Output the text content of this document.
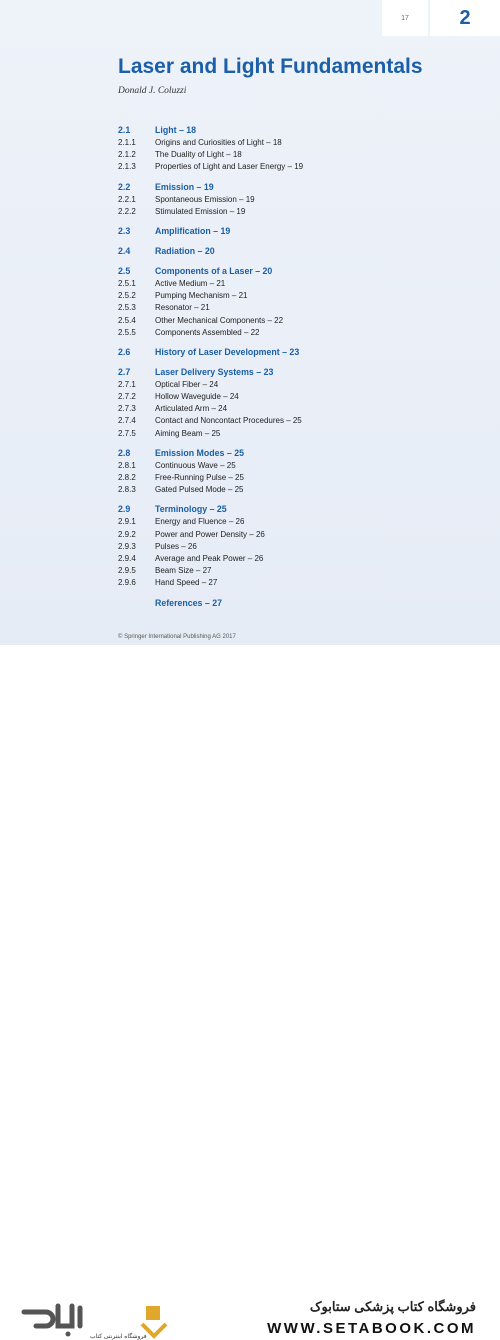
17	2
Laser and Light Fundamentals
Donald J. Coluzzi
2.1	Light – 18
2.1.1	Origins and Curiosities of Light – 18
2.1.2	The Duality of Light – 18
2.1.3	Properties of Light and Laser Energy – 19
2.2	Emission – 19
2.2.1	Spontaneous Emission – 19
2.2.2	Stimulated Emission – 19
2.3	Amplification – 19
2.4	Radiation – 20
2.5	Components of a Laser – 20
2.5.1	Active Medium – 21
2.5.2	Pumping Mechanism – 21
2.5.3	Resonator – 21
2.5.4	Other Mechanical Components – 22
2.5.5	Components Assembled – 22
2.6	History of Laser Development – 23
2.7	Laser Delivery Systems – 23
2.7.1	Optical Fiber – 24
2.7.2	Hollow Waveguide – 24
2.7.3	Articulated Arm – 24
2.7.4	Contact and Noncontact Procedures – 25
2.7.5	Aiming Beam – 25
2.8	Emission Modes – 25
2.8.1	Continuous Wave – 25
2.8.2	Free-Running Pulse – 25
2.8.3	Gated Pulsed Mode – 25
2.9	Terminology – 25
2.9.1	Energy and Fluence – 26
2.9.2	Power and Power Density – 26
2.9.3	Pulses – 26
2.9.4	Average and Peak Power – 26
2.9.5	Beam Size – 27
2.9.6	Hand Speed – 27
References – 27
© Springer International Publishing AG 2017
فروشگاه اینترنتی کتاب
فروشگاه کتاب پزشکی ستابوک
WWW.SETABOOK.COM
